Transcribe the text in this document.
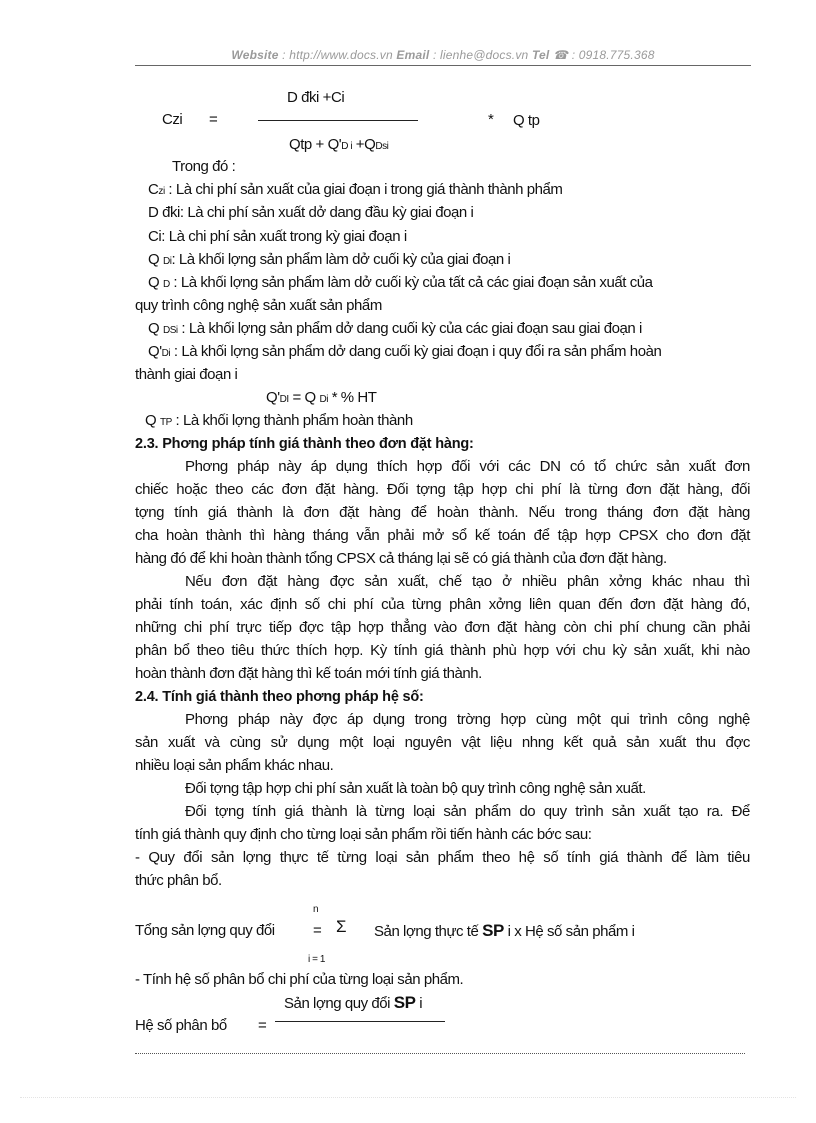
Website : http://www.docs.vn Email : lienhe@docs.vn Tel ☎ : 0918.775.368
D đki +Ci
Czi =	* Q tp
Qtp + Q'D i +QDsi
Trong đó :
Czi : Là chi phí sản xuất của giai đoạn i trong giá thành thành phẩm
D đki: Là chi phí sản xuất dở dang đầu kỳ giai đoạn i
Ci: Là chi phí sản xuất trong kỳ giai đoạn i
Q Di: Là khối lợng sản phẩm làm dở cuối kỳ của giai đoạn i
Q D : Là khối lợng sản phẩm làm dở cuối kỳ của tất cả các giai đoạn sản xuất của
quy trình công nghệ sản xuất sản phẩm
Q DSi : Là khối lợng sản phẩm dở dang cuối kỳ của các giai đoạn sau giai đoạn i
Q'Di : Là khối lợng sản phẩm dở dang cuối kỳ giai đoạn i quy đổi ra sản phẩm hoàn
thành giai đoạn i
Q'DI = Q Di * % HT
Q TP : Là khối lợng thành phẩm hoàn thành
2.3. Phơng pháp tính giá thành theo đơn đặt hàng:
Phơng pháp này áp dụng thích hợp đối với các DN có tổ chức sản xuất đơn
chiếc hoặc theo các đơn đặt hàng. Đối tợng tập hợp chi phí là từng đơn đặt hàng, đối
tợng tính giá thành là đơn đặt hàng để hoàn thành. Nếu trong tháng đơn đặt hàng
cha hoàn thành thì hàng tháng vẫn phải mở sổ kế toán để tập hợp CPSX cho đơn đặt
hàng đó để khi hoàn thành tổng CPSX cả tháng lại sẽ có giá thành của đơn đặt hàng.
Nếu đơn đặt hàng đợc sản xuất, chế tạo ở nhiều phân xởng khác nhau thì
phải tính toán, xác định số chi phí của từng phân xởng liên quan đến đơn đặt hàng đó,
những chi phí trực tiếp đợc tập hợp thẳng vào đơn đặt hàng còn chi phí chung cần phải
phân bổ theo tiêu thức thích hợp. Kỳ tính giá thành phù hợp với chu kỳ sản xuất, khi nào
hoàn thành đơn đặt hàng thì kế toán mới tính giá thành.
2.4. Tính giá thành theo phơng pháp hệ số:
Phơng pháp này đợc áp dụng trong trờng hợp cùng một qui trình công nghệ
sản xuất và cùng sử dụng một loại nguyên vật liệu nhng kết quả sản xuất thu đợc
nhiều loại sản phẩm khác nhau.
Đối tợng tập hợp chi phí sản xuất là toàn bộ quy trình công nghệ sản xuất.
Đối tợng tính giá thành là từng loại sản phẩm do quy trình sản xuất tạo ra. Để
tính giá thành quy định cho từng loại sản phẩm rồi tiến hành các bớc sau:
- Quy đổi sản lợng thực tế từng loại sản phẩm theo hệ số tính giá thành để làm tiêu
thức phân bổ.
n
Tổng sản lợng quy đổi	= Σ Sản lợng thực tế SP i x Hệ số sản phẩm i
i = 1
- Tính hệ số phân bổ chi phí của từng loại sản phẩm.
Sản lợng quy đổi SP i
Hệ số phân bổ =
